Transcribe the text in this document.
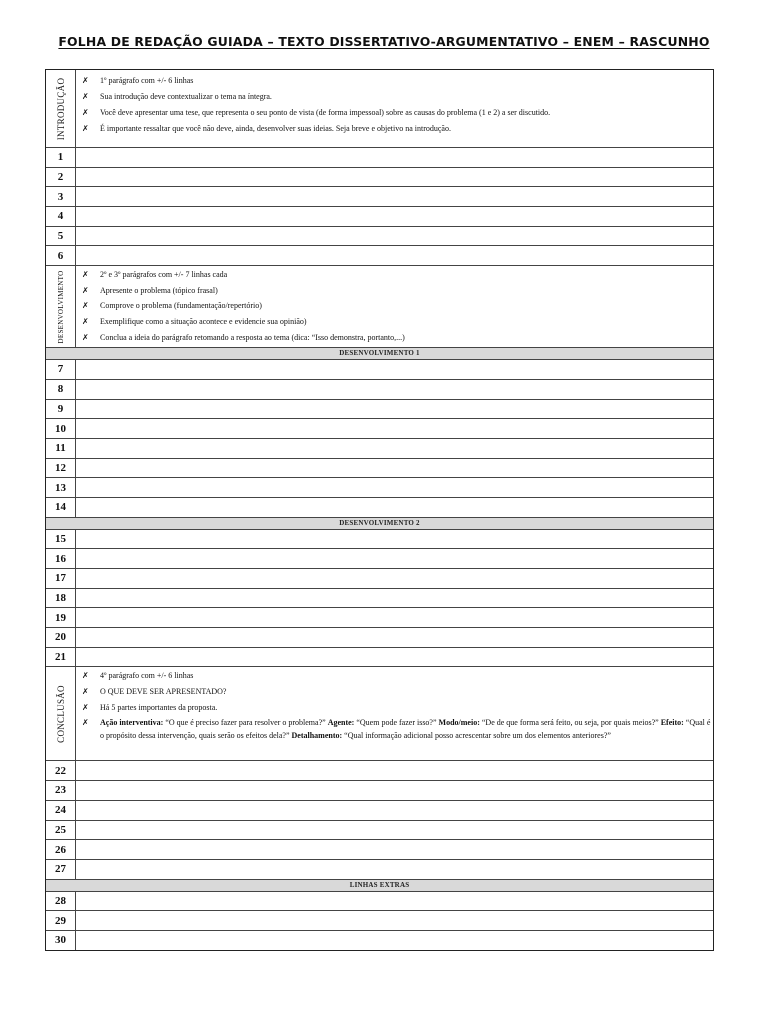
FOLHA DE REDAÇÃO GUIADA – TEXTO DISSERTATIVO-ARGUMENTATIVO – ENEM – RASCUNHO
INTRODUÇÃO ✗	1º parágrafo com +/- 6 linhas
✗	Sua introdução deve contextualizar o tema na íntegra.
✗	Você deve apresentar uma tese, que representa o seu ponto de vista (de forma impessoal) sobre as causas do problema (1 e 2) a ser discutido.
✗	É importante ressaltar que você não deve, ainda, desenvolver suas ideias. Seja breve e objetivo na introdução.
1
2
3
4
5
6
DESENVOLVIMENTO ✗	2º e 3º parágrafos com +/- 7 linhas cada
✗	Apresente o problema (tópico frasal)
✗	Comprove o problema (fundamentação/repertório)
✗	Exemplifique como a situação acontece e evidencie sua opinião)
✗	Conclua a ideia do parágrafo retomando a resposta ao tema (dica: “Isso demonstra, portanto,...)
DESENVOLVIMENTO 1
7
8
9
10
11
12
13
14
DESENVOLVIMENTO 2
15
16
17
18
19
20
21
CONCLUSÃO
✗	4º parágrafo com +/- 6 linhas
✗	O QUE DEVE SER APRESENTADO?
✗	Há 5 partes importantes da proposta.
✗	Ação interventiva: “O que é preciso fazer para resolver o problema?” Agente: “Quem pode fazer isso?” Modo/meio: “De de que forma será feito, ou seja, por quais meios?” Efeito: “Qual é o propósito dessa intervenção, quais serão os efeitos dela?” Detalhamento: “Qual informação adicional posso acrescentar sobre um dos elementos anteriores?”
22
23
24
25
26
27
LINHAS EXTRAS
28
29
30
